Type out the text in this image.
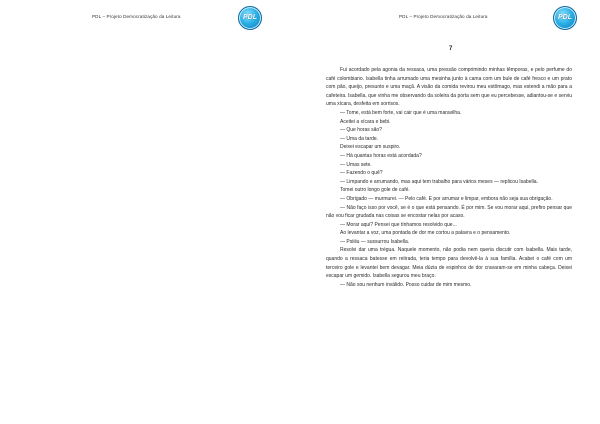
PDL – Projeto Democratização da Leitura	PDL	PDL – Projeto Democratização da Leitura	PDL
7

Fui acordado pela agonia da ressaca, uma pressão comprimindo minhas têmporas, e pelo perfume do café colombiano. Isabella tinha arrumado uma mesinha junto à cama com um bule de café fresco e um prato com pão, queijo, presunto e uma maçã. A visão da comida revirou meu estômago, mas estendi a mão para a cafeteira. Isabella, que vinha me observando da soleira da porta sem que eu percebesse, adiantou-se e serviu uma xícara, desfeita em sorrisos.

— Tome, está bem forte, vai cair que é uma maravilha.

Aceitei a xícara e bebi.

— Que horas são?

— Uma da tarde.

Deixei escapar um suspiro.

— Há quantas horas está acordada?

— Umas sete.

— Fazendo o quê?

— Limpando e arrumando, mas aqui tem trabalho para vários meses — replicou Isabella.

Tomei outro longo gole de café.

— Obrigado — murmurei. — Pelo café. E por arrumar e limpar, embora não seja sua obrigação.

— Não faço isso por você, se é o que está pensando. É por mim. Se vou morar aqui, prefiro pensar que não vou ficar grudada nas coisas se encostar nelas por acaso.

— Morar aqui? Pensei que tínhamos resolvido que...

Ao levantar a voz, uma pontada de dor me cortou a palavra e o pensamento.

— Psiiiiu — sussurrou Isabella.

Resolvi dar uma trégua. Naquele momento, não podia nem queria discutir com Isabella. Mais tarde, quando a ressaca batesse em retirada, teria tempo para devolvê-la à sua família. Acabei o café com um terceiro gole e levantei bem devagar. Meia dúzia de espinhos de dor cravaram-se em minha cabeça. Deixei escapar um gemido. Isabella segurou meu braço.

— Não sou nenhum inválido. Posso cuidar de mim mesmo.
